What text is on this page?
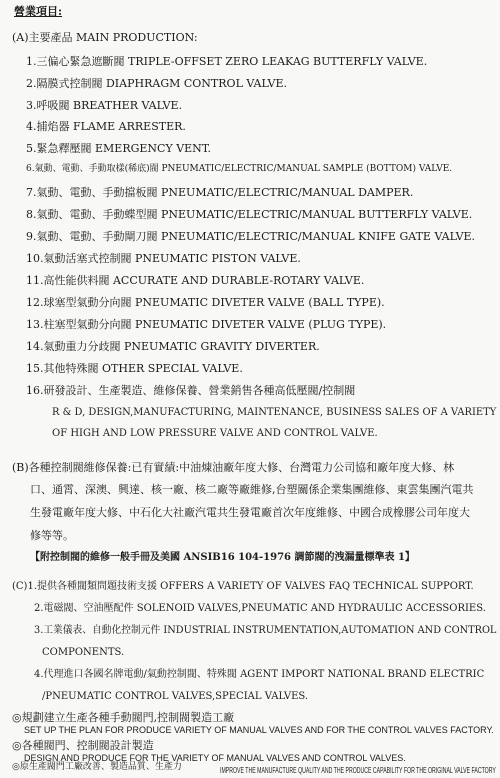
營業項目:
(A)主要產品 MAIN PRODUCTION:
1.三偏心緊急遮斷閥 TRIPLE-OFFSET ZERO LEAKAG BUTTERFLY VALVE.
2.隔膜式控制閥 DIAPHRAGM CONTROL VALVE.
3.呼吸閥 BREATHER VALVE.
4.捕焰器 FLAME ARRESTER.
5.緊急釋壓閥 EMERGENCY VENT.
6.氣動、電動、手動取樣(稀底)閥 PNEUMATIC/ELECTRIC/MANUAL SAMPLE (BOTTOM) VALVE.
7.氣動、電動、手動擋板閥 PNEUMATIC/ELECTRIC/MANUAL DAMPER.
8.氣動、電動、手動蝶型閥 PNEUMATIC/ELECTRIC/MANUAL BUTTERFLY VALVE.
9.氣動、電動、手動閘刀閥 PNEUMATIC/ELECTRIC/MANUAL KNIFE GATE VALVE.
10.氣動活塞式控制閥 PNEUMATIC PISTON VALVE.
11.高性能供料閥 ACCURATE AND DURABLE-ROTARY VALVE.
12.球塞型氣動分向閥 PNEUMATIC DIVETER VALVE (BALL TYPE).
13.柱塞型氣動分向閥 PNEUMATIC DIVETER VALVE (PLUG TYPE).
14.氣動重力分歧閥 PNEUMATIC GRAVITY DIVERTER.
15.其他特殊閥 OTHER SPECIAL VALVE.
16.研發設計、生產製造、維修保養、營業銷售各種高低壓閥/控制閥
R & D, DESIGN,MANUFACTURING, MAINTENANCE, BUSINESS SALES OF A VARIETY
OF HIGH AND LOW PRESSURE VALVE AND CONTROL VALVE.
(B)各種控制閥維修保養:已有實績:中油煉油廠年度大修、台灣電力公司協和廠年度大修、林
口、通霄、深澳、興達、核一廠、核二廠等廠維修,台塑關係企業集團維修、東雲集團汽電共
生發電廠年度大修、中石化大社廠汽電共生發電廠首次年度維修、中國合成橡膠公司年度大
修等等。
【附控制閥的維修一般手冊及美國 ANSIB16 104-1976 調節閥的洩漏量標準表 1】
(C)1.提供各種閥類問題技術支援 OFFERS A VARIETY OF VALVES FAQ TECHNICAL SUPPORT.
2.電磁閥、空油壓配件 SOLENOID VALVES,PNEUMATIC AND HYDRAULIC ACCESSORIES.
3.工業儀表、自動化控制元件 INDUSTRIAL INSTRUMENTATION,AUTOMATION AND CONTROL
COMPONENTS.
4.代理進口各國名牌電動/氣動控制閥、特殊閥 AGENT IMPORT NATIONAL BRAND ELECTRIC
/PNEUMATIC CONTROL VALVES,SPECIAL VALVES.
◎規劃建立生產各種手動閥門,控制閥製造工廠
SET UP THE PLAN FOR PRODUCE VARIETY OF MANUAL VALVES AND FOR THE CONTROL VALVES FACTORY.
◎各種閥門、控制閥設計製造
DESIGN AND PRODUCE FOR THE VARIETY OF MANUAL VALVES AND CONTROL VALVES.
◎原生產閥門工廠改善、製造品質、生產力	IMPROVE THE MANUFACTURE QUALITY AND THE PRODUCE CAPABILITY FOR THE ORIGINAL VALVE FACTORY
